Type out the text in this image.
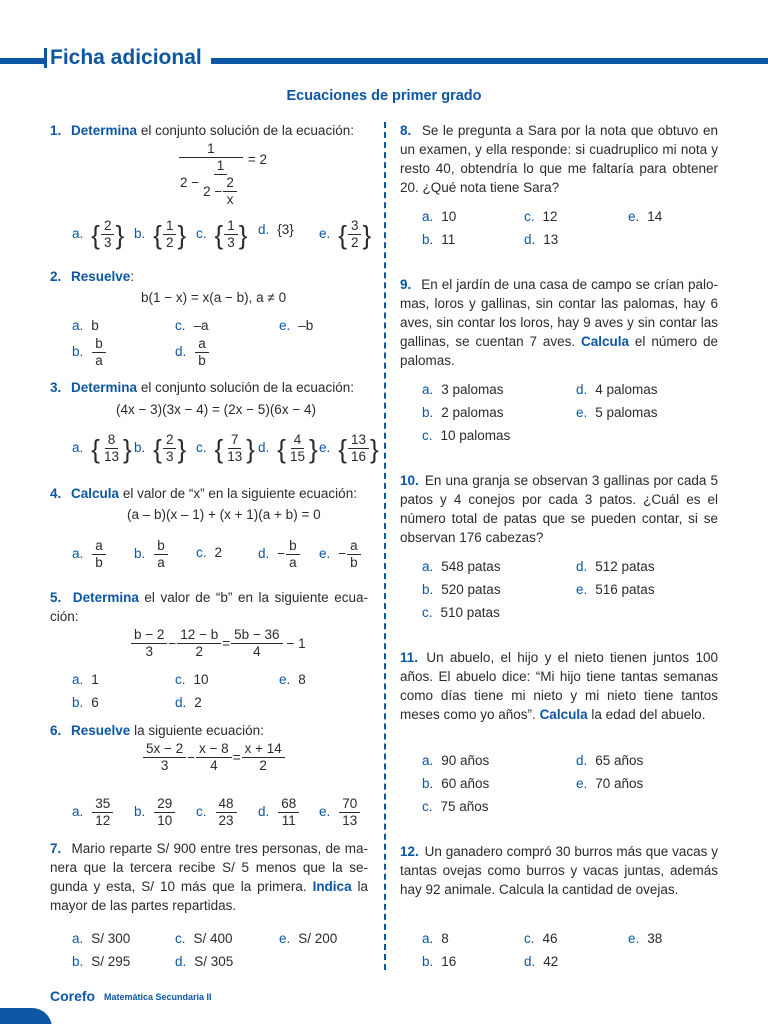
Ficha adicional
Ecuaciones de primer grado
1. Determina el conjunto solución de la ecuación:
1
$2 - \frac{1}{2 - \frac{2}{x}} = 2$
a. { $\frac{2}{3}$ } b. { $\frac{1}{2}$ } c. { $\frac{1}{3}$ } d. {3} e. { $\frac{3}{2}$ }
2. Resuelve:
b(1 − x) = x(a − b), a ≠ 0
a. b	c. –a	e. –b
b. $\frac{b}{a}$	d. $\frac{a}{b}$
3. Determina el conjunto solución de la ecuación:
(4x − 3)(3x − 4) = (2x − 5)(6x − 4)
a. { $\frac{8}{13}$ } b. { $\frac{2}{3}$ } c. { $\frac{7}{13}$ } d. { $\frac{4}{15}$ } e. { $\frac{13}{16}$ }
4. Calcula el valor de “x” en la siguiente ecuación:
(a – b)(x – 1) + (x + 1)(a + b) = 0
a. $\frac{a}{b} b$. $\frac{b}{a} c$. 2	d. − $\frac{b}{a} e$. − $\frac{a}{b}$
5. Determina el valor de “b” en la siguiente ecuación:
$\frac{b - 2}{3} - \frac{12 - b}{2} = \frac{5b - 36}{4} - 1$
a. 1	c. 10	e. 8
b. 6	d. 2
6. Resuelve la siguiente ecuación:
$\frac{5x - 2}{3} - \frac{x - 8}{4} = \frac{x + 14}{2}$
a. $\frac{35}{12} b$. $\frac{29}{10} c$. $\frac{48}{23} d$. $\frac{68}{11} e$. $\frac{70}{13}$
7. Mario reparte S/ 900 entre tres personas, de manera que la tercera recibe S/ 5 menos que la segunda y esta, S/ 10 más que la primera. Indica la mayor de las partes repartidas.
a. S/ 300	c. S/ 400	e. S/ 200
b. S/ 295	d. S/ 305
8. Se le pregunta a Sara por la nota que obtuvo en un examen, y ella responde: si cuadruplico mi nota y resto 40, obtendría lo que me faltaría para obtener 20. ¿Qué nota tiene Sara?
a. 10	c. 12	e. 14
b. 11	d. 13
9. En el jardín de una casa de campo se crían palomas, loros y gallinas, sin contar las palomas, hay 6 aves, sin contar los loros, hay 9 aves y sin contar las gallinas, se cuentan 7 aves. Calcula el número de palomas.
a. 3 palomas	d. 4 palomas
b. 2 palomas	e. 5 palomas
c. 10 palomas
10. En una granja se observan 3 gallinas por cada 5 patos y 4 conejos por cada 3 patos. ¿Cuál es el número total de patas que se pueden contar, si se observan 176 cabezas?
a. 548 patas	d. 512 patas
b. 520 patas	e. 516 patas
c. 510 patas
11. Un abuelo, el hijo y el nieto tienen juntos 100 años. El abuelo dice: “Mi hijo tiene tantas semanas como días tiene mi nieto y mi nieto tiene tantos meses como yo años”. Calcula la edad del abuelo.
a. 90 años	d. 65 años
b. 60 años	e. 70 años
c. 75 años
12. Un ganadero compró 30 burros más que vacas y tantas ovejas como burros y vacas juntas, además hay 92 animale. Calcula la cantidad de ovejas.
a. 8	c. 46	e. 38
b. 16	d. 42
Corefo Matemática Secundaria II
